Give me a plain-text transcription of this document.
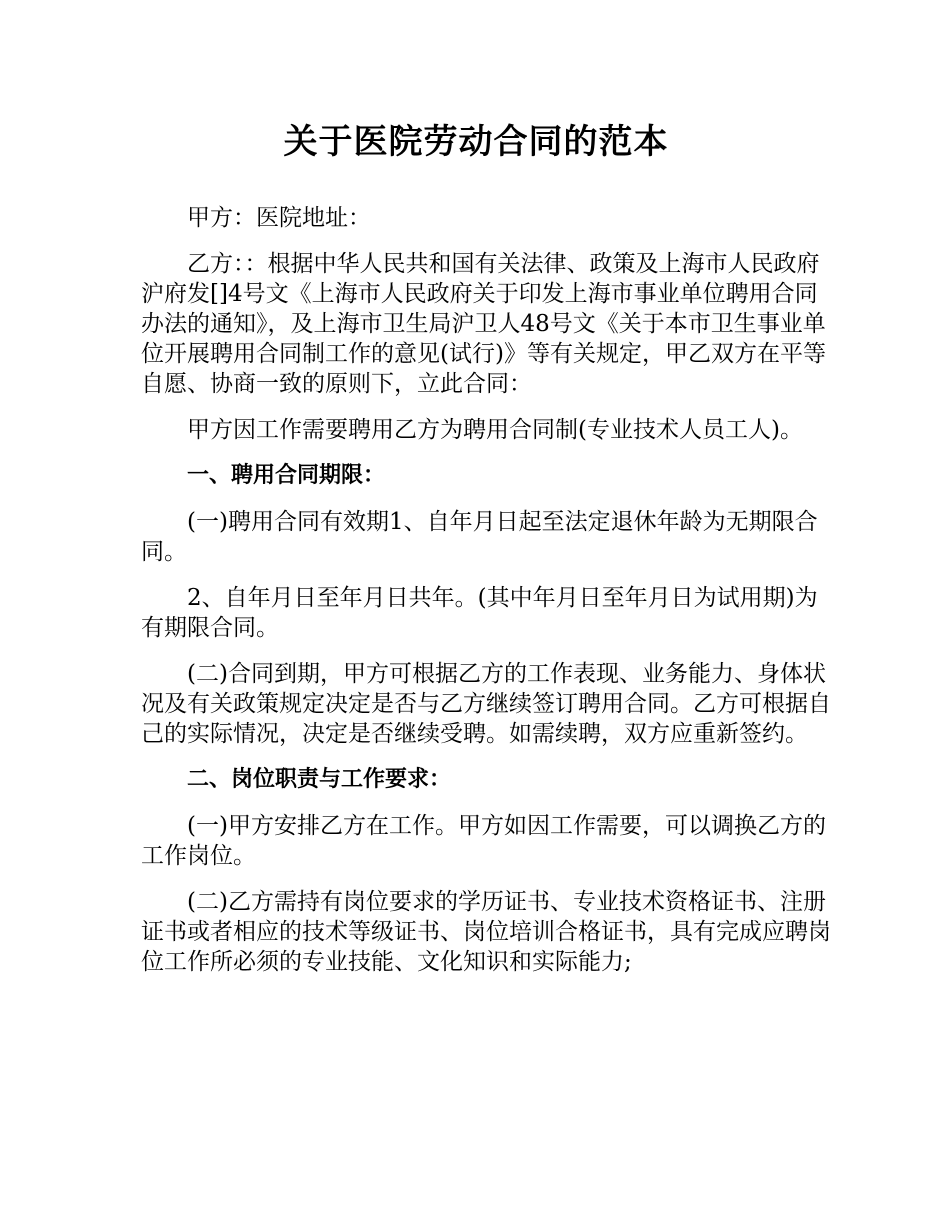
关于医院劳动合同的范本

甲方：医院地址：

乙方：：根据中华人民共和国有关法律、政策及上海市人民政府沪府发[]4号文《上海市人民政府关于印发上海市事业单位聘用合同办法的通知》，及上海市卫生局沪卫人48号文《关于本市卫生事业单位开展聘用合同制工作的意见(试行)》等有关规定，甲乙双方在平等自愿、协商一致的原则下，立此合同：

甲方因工作需要聘用乙方为聘用合同制(专业技术人员工人)。

一、聘用合同期限：

(一)聘用合同有效期1、自年月日起至法定退休年龄为无期限合同。

2、自年月日至年月日共年。(其中年月日至年月日为试用期)为有期限合同。

(二)合同到期，甲方可根据乙方的工作表现、业务能力、身体状况及有关政策规定决定是否与乙方继续签订聘用合同。乙方可根据自己的实际情况，决定是否继续受聘。如需续聘，双方应重新签约。

二、岗位职责与工作要求：

(一)甲方安排乙方在工作。甲方如因工作需要，可以调换乙方的工作岗位。

(二)乙方需持有岗位要求的学历证书、专业技术资格证书、注册证书或者相应的技术等级证书、岗位培训合格证书，具有完成应聘岗位工作所必须的专业技能、文化知识和实际能力;
